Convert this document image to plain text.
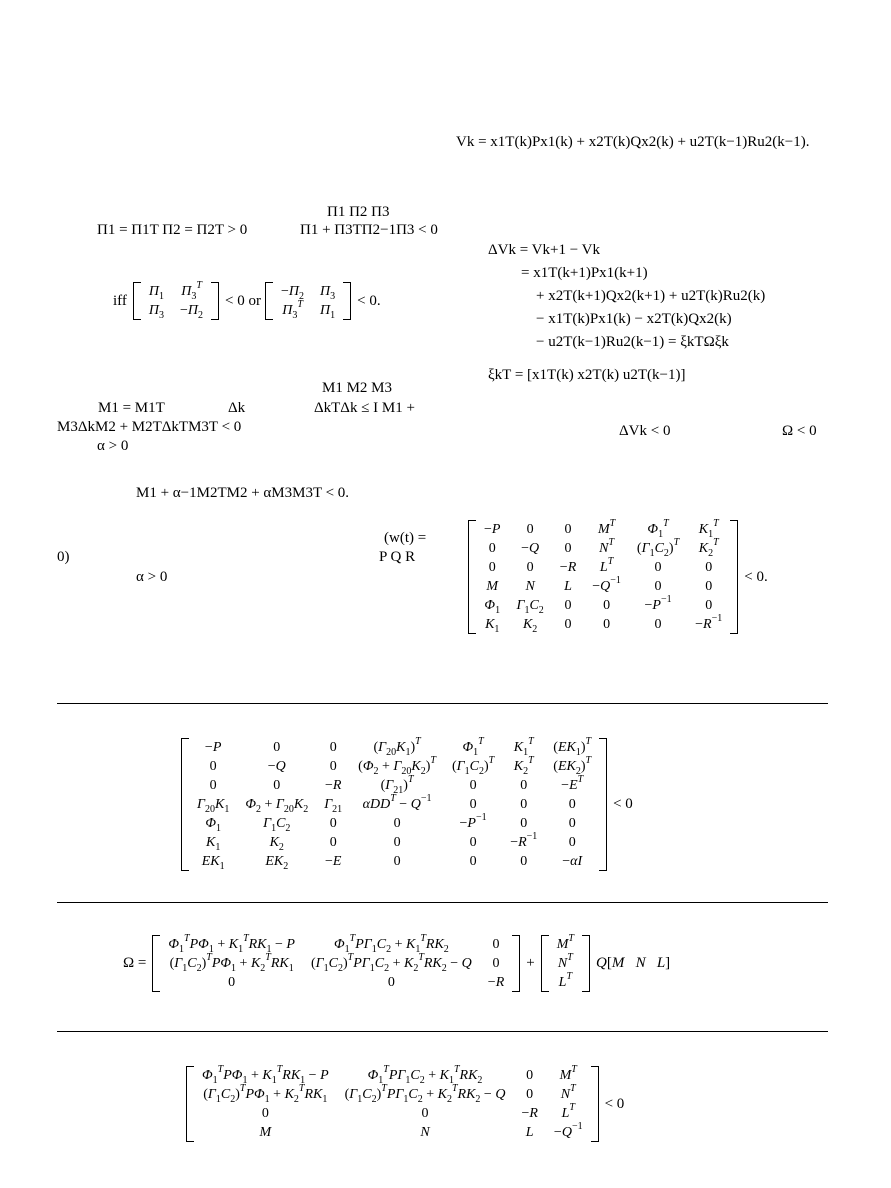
Vk = x1T(k)Px1(k) + x2T(k)Qx2(k) + u2T(k−1)Ru2(k−1).
Π1 Π2 Π3
Π1 = Π1T Π2 = Π2T > 0	Π1 + Π3TΠ2−1Π3 < 0
iff
$\Pi_1$	$\Pi_3^T$
$\Pi_3$	$-\Pi_2$
< 0 or
$-\Pi_2$	$\Pi_3$
$\Pi_3^T$	$\Pi_1$
< 0.
ΔVk = Vk+1 − Vk
= x1T(k+1)Px1(k+1)
+ x2T(k+1)Qx2(k+1) + u2T(k)Ru2(k)
− x1T(k)Px1(k) − x2T(k)Qx2(k)
− u2T(k−1)Ru2(k−1) = ξkTΩξk
ξkT = [x1T(k) x2T(k) u2T(k−1)]
ΔVk < 0	Ω < 0
M1 M2 M3
M1 = M1T	Δk	ΔkTΔk ≤ I M1 +
M3ΔkM2 + M2TΔkTM3T < 0
α > 0
M1 + α−1M2TM2 + αM3M3T < 0.
(w(t) =
0)	P Q R
α > 0
−P	0	0	$M^T$	$\Phi_1^T$	$K_1^T$
0	−Q	0	$N^T$	$(\Gamma_1C_2)^T$	$K_2^T$
0	0	−R	$L^T$	0	0
M	N	L	$-Q^{-1}$	0	0
$\Phi_1$	$\Gamma_1C_2$	0	0	$-P^{-1}$	0
$K_1$	$K_2$	0	0	0	$-R^{-1}$
< 0.
−P	0	0	$(\Gamma_{20}K_1)^T$	$\Phi_1^T$	$K_1^T$	$(EK_1)^T$
0	−Q	0	$(\Phi_2 + \Gamma_{20}K_2)^T$	$(\Gamma_1C_2)^T$	$K_2^T$	$(EK_2)^T$
0	0	−R	$(\Gamma_{21})^T$	0	0	$-E^T$
$\Gamma_{20}K_1$	$\Phi_2 + \Gamma_{20}K_2$	$\Gamma_{21}$	$\alpha DD^T - Q^{-1}$	0	0	0
$\Phi_1$	$\Gamma_1C_2$	0	0	$-P^{-1}$	0	0
$K_1$	$K_2$	0	0	0	$-R^{-1}$	0
$EK_1$	$EK_2$	−E	0	0	0	−αI
< 0
Ω =
$\Phi_1^TP\Phi_1 + K_1^TRK_1 - P$	$\Phi_1^TP\Gamma_1C_2 + K_1^TRK_2$	0
$(\Gamma_1C_2)^TP\Phi_1 + K_2^TRK_1$	$(\Gamma_1C_2)^TP\Gamma_1C_2 + K_2^TRK_2 - Q$	0
0	0	−R
+
$M^T$
$N^T$
$L^T$
Q[M N L]
$\Phi_1^TP\Phi_1 + K_1^TRK_1 - P$	$\Phi_1^TP\Gamma_1C_2 + K_1^TRK_2$	0	$M^T$
$(\Gamma_1C_2)^TP\Phi_1 + K_2^TRK_1$	$(\Gamma_1C_2)^TP\Gamma_1C_2 + K_2^TRK_2 - Q$	0	$N^T$
0	0	−R	$L^T$
M	N	L	$-Q^{-1}$
< 0
